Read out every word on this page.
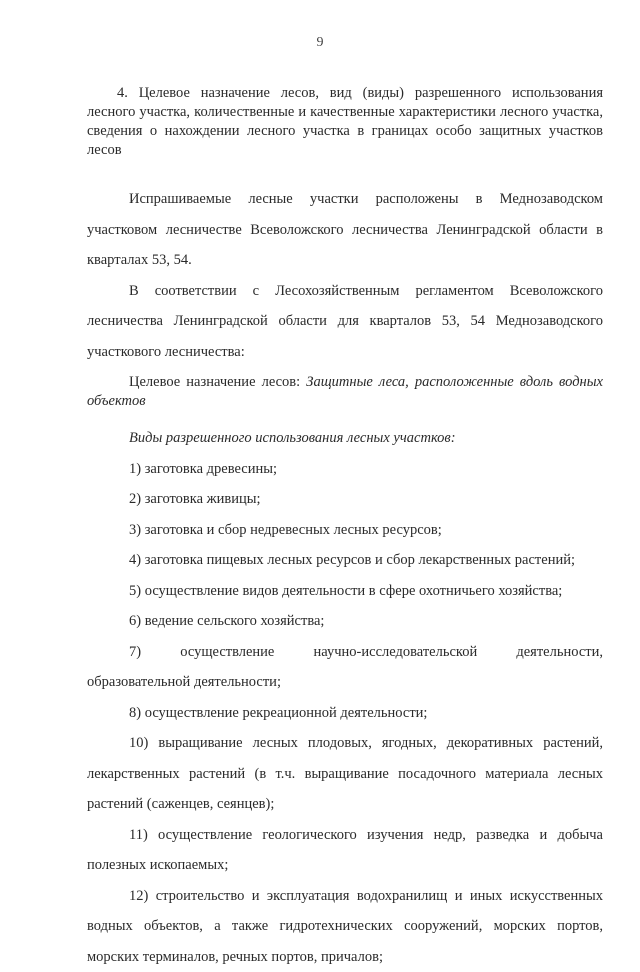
9

4. Целевое назначение лесов, вид (виды) разрешенного использования лесного участка, количественные и качественные характеристики лесного участка, сведения о нахождении лесного участка в границах особо защитных участков лесов

Испрашиваемые лесные участки расположены в Меднозаводском участковом лесничестве Всеволожского лесничества Ленинградской области в кварталах 53, 54.

В соответствии с Лесохозяйственным регламентом Всеволожского лесничества Ленинградской области для кварталов 53, 54 Меднозаводского участкового лесничества:

Целевое назначение лесов: Защитные леса, расположенные вдоль водных объектов

Виды разрешенного использования лесных участков:

1) заготовка древесины;

2) заготовка живицы;

3) заготовка и сбор недревесных лесных ресурсов;

4) заготовка пищевых лесных ресурсов и сбор лекарственных растений;

5) осуществление видов деятельности в сфере охотничьего хозяйства;

6) ведение сельского хозяйства;

7)	осуществление	научно-исследовательской	деятельности,

образовательной деятельности;

8) осуществление рекреационной деятельности;

10) выращивание лесных плодовых, ягодных, декоративных растений, лекарственных растений (в т.ч. выращивание посадочного материала лесных растений (саженцев, сеянцев);

11) осуществление геологического изучения недр, разведка и добыча полезных ископаемых;

12) строительство и эксплуатация водохранилищ и иных искусственных водных объектов, а также гидротехнических сооружений, морских портов, морских терминалов, речных портов, причалов;
